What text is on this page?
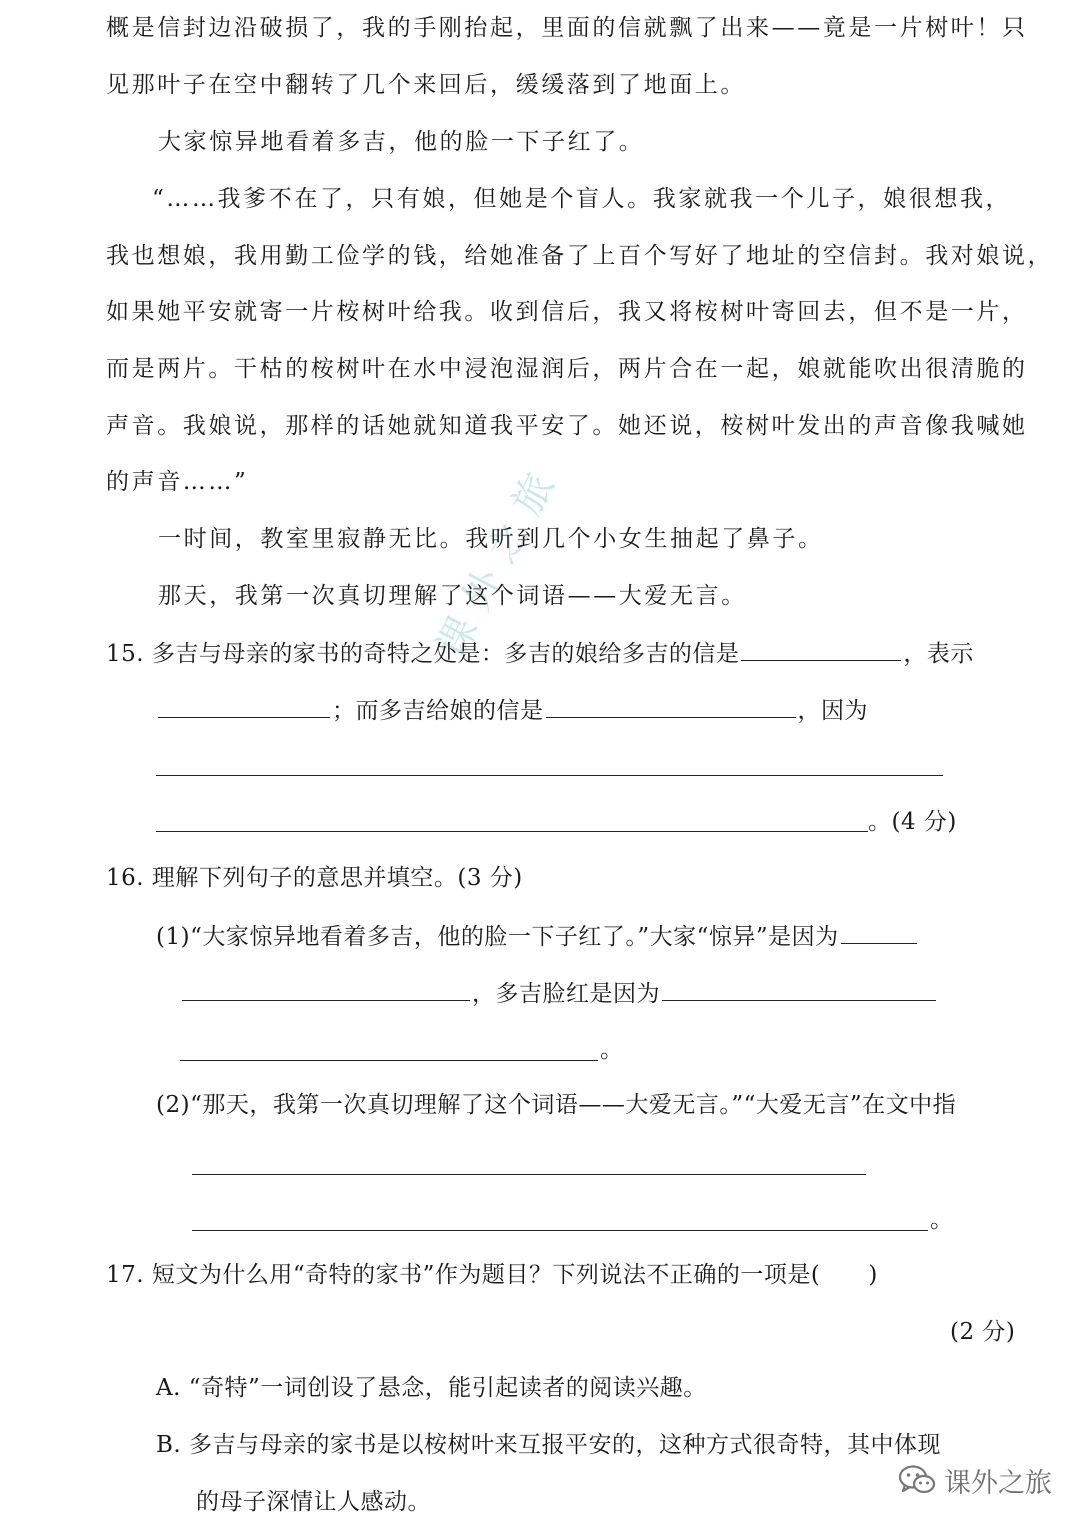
课外之旅
概是信封边沿破损了，我的手刚抬起，里面的信就飘了出来——竟是一片树叶！只
见那叶子在空中翻转了几个来回后，缓缓落到了地面上。
大家惊异地看着多吉，他的脸一下子红了。
“……我爹不在了，只有娘，但她是个盲人。我家就我一个儿子，娘很想我，
我也想娘，我用勤工俭学的钱，给她准备了上百个写好了地址的空信封。我对娘说，
如果她平安就寄一片桉树叶给我。收到信后，我又将桉树叶寄回去，但不是一片，
而是两片。干枯的桉树叶在水中浸泡湿润后，两片合在一起，娘就能吹出很清脆的
声音。我娘说，那样的话她就知道我平安了。她还说，桉树叶发出的声音像我喊她
的声音……”
一时间，教室里寂静无比。我听到几个小女生抽起了鼻子。
那天，我第一次真切理解了这个词语——大爱无言。
15. 多吉与母亲的家书的奇特之处是：多吉的娘给多吉的信是	，表示
；而多吉给娘的信是	，因为
。(4 分)
16. 理解下列句子的意思并填空。(3 分)
(1)“大家惊异地看着多吉，他的脸一下子红了。”大家“惊异”是因为
，多吉脸红是因为
。
(2)“那天，我第一次真切理解了这个词语——大爱无言。”“大爱无言”在文中指
。
17. 短文为什么用“奇特的家书”作为题目？下列说法不正确的一项是( )
(2 分)
A. “奇特”一词创设了悬念，能引起读者的阅读兴趣。
B. 多吉与母亲的家书是以桉树叶来互报平安的，这种方式很奇特，其中体现
的母子深情让人感动。
课外之旅
